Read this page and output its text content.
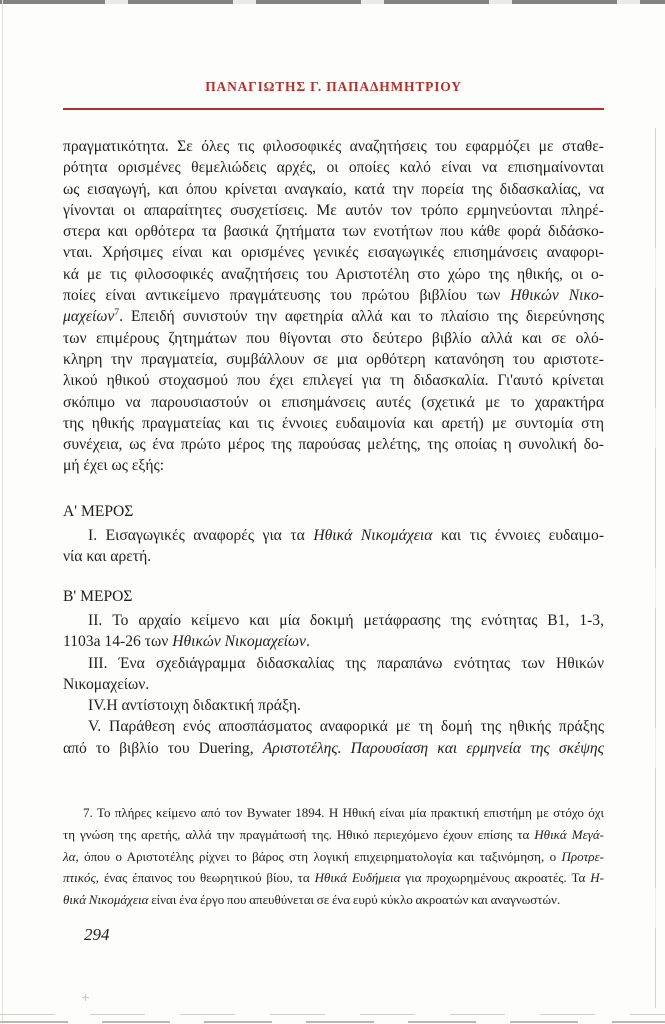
ΠΑΝΑΓΙΩΤΗΣ Γ. ΠΑΠΑΔΗΜΗΤΡΙΟΥ
πραγματικότητα. Σε όλες τις φιλοσοφικές αναζητήσεις του εφαρμόζει με σταθε-
ρότητα ορισμένες θεμελιώδεις αρχές, οι οποίες καλό είναι να επισημαίνονται
ως εισαγωγή, και όπου κρίνεται αναγκαίο, κατά την πορεία της διδασκαλίας, να
γίνονται οι απαραίτητες συσχετίσεις. Με αυτόν τον τρόπο ερμηνεύονται πληρέ-
στερα και ορθότερα τα βασικά ζητήματα των ενοτήτων που κάθε φορά διδάσκο-
νται. Χρήσιμες είναι και ορισμένες γενικές εισαγωγικές επισημάνσεις αναφορι-
κά με τις φιλοσοφικές αναζητήσεις του Αριστοτέλη στο χώρο της ηθικής, οι ο-
ποίες είναι αντικείμενο πραγμάτευσης του πρώτου βιβλίου των Ηθικών Νικο-
μαχείων$^7$. Επειδή συνιστούν την αφετηρία αλλά και το πλαίσιο της διερεύνησης
των επιμέρους ζητημάτων που θίγονται στο δεύτερο βιβλίο αλλά και σε ολό-
κληρη την πραγματεία, συμβάλλουν σε μια ορθότερη κατανόηση του αριστοτε-
λικού ηθικού στοχασμού που έχει επιλεγεί για τη διδασκαλία. Γι'αυτό κρίνεται
σκόπιμο να παρουσιαστούν οι επισημάνσεις αυτές (σχετικά με το χαρακτήρα
της ηθικής πραγματείας και τις έννοιες ευδαιμονία και αρετή) με συντομία στη
συνέχεια, ως ένα πρώτο μέρος της παρούσας μελέτης, της οποίας η συνολική δο-
μή έχει ως εξής:
Α' ΜΕΡΟΣ
I. Εισαγωγικές αναφορές για τα Ηθικά Νικομάχεια και τις έννοιες ευδαιμο-
νία και αρετή.
Β' ΜΕΡΟΣ
II. Το αρχαίο κείμενο και μία δοκιμή μετάφρασης της ενότητας Β1, 1-3,
1103a 14-26 των Ηθικών Νικομαχείων.
III. Ένα σχεδιάγραμμα διδασκαλίας της παραπάνω ενότητας των Ηθικών
Νικομαχείων.
IV.Η αντίστοιχη διδακτική πράξη.
V. Παράθεση ενός αποσπάσματος αναφορικά με τη δομή της ηθικής πράξης
από το βιβλίο του Duering, Αριστοτέλης. Παρουσίαση και ερμηνεία της σκέψης
7. Το πλήρες κείμενο από τον Bywater 1894. Η Ηθική είναι μία πρακτική επιστήμη με στόχο όχι
τη γνώση της αρετής, αλλά την πραγμάτωσή της. Ηθικό περιεχόμενο έχουν επίσης τα Ηθικά Μεγά-
λα, όπου ο Αριστοτέλης ρίχνει το βάρος στη λογική επιχειρηματολογία και ταξινόμηση, ο Προτρε-
πτικός, ένας έπαινος του θεωρητικού βίου, τα Ηθικά Ευδήμεια για προχωρημένους ακροατές. Τα Η-
θικά Νικομάχεια είναι ένα έργο που απευθύνεται σε ένα ευρύ κύκλο ακροατών και αναγνωστών.
294
